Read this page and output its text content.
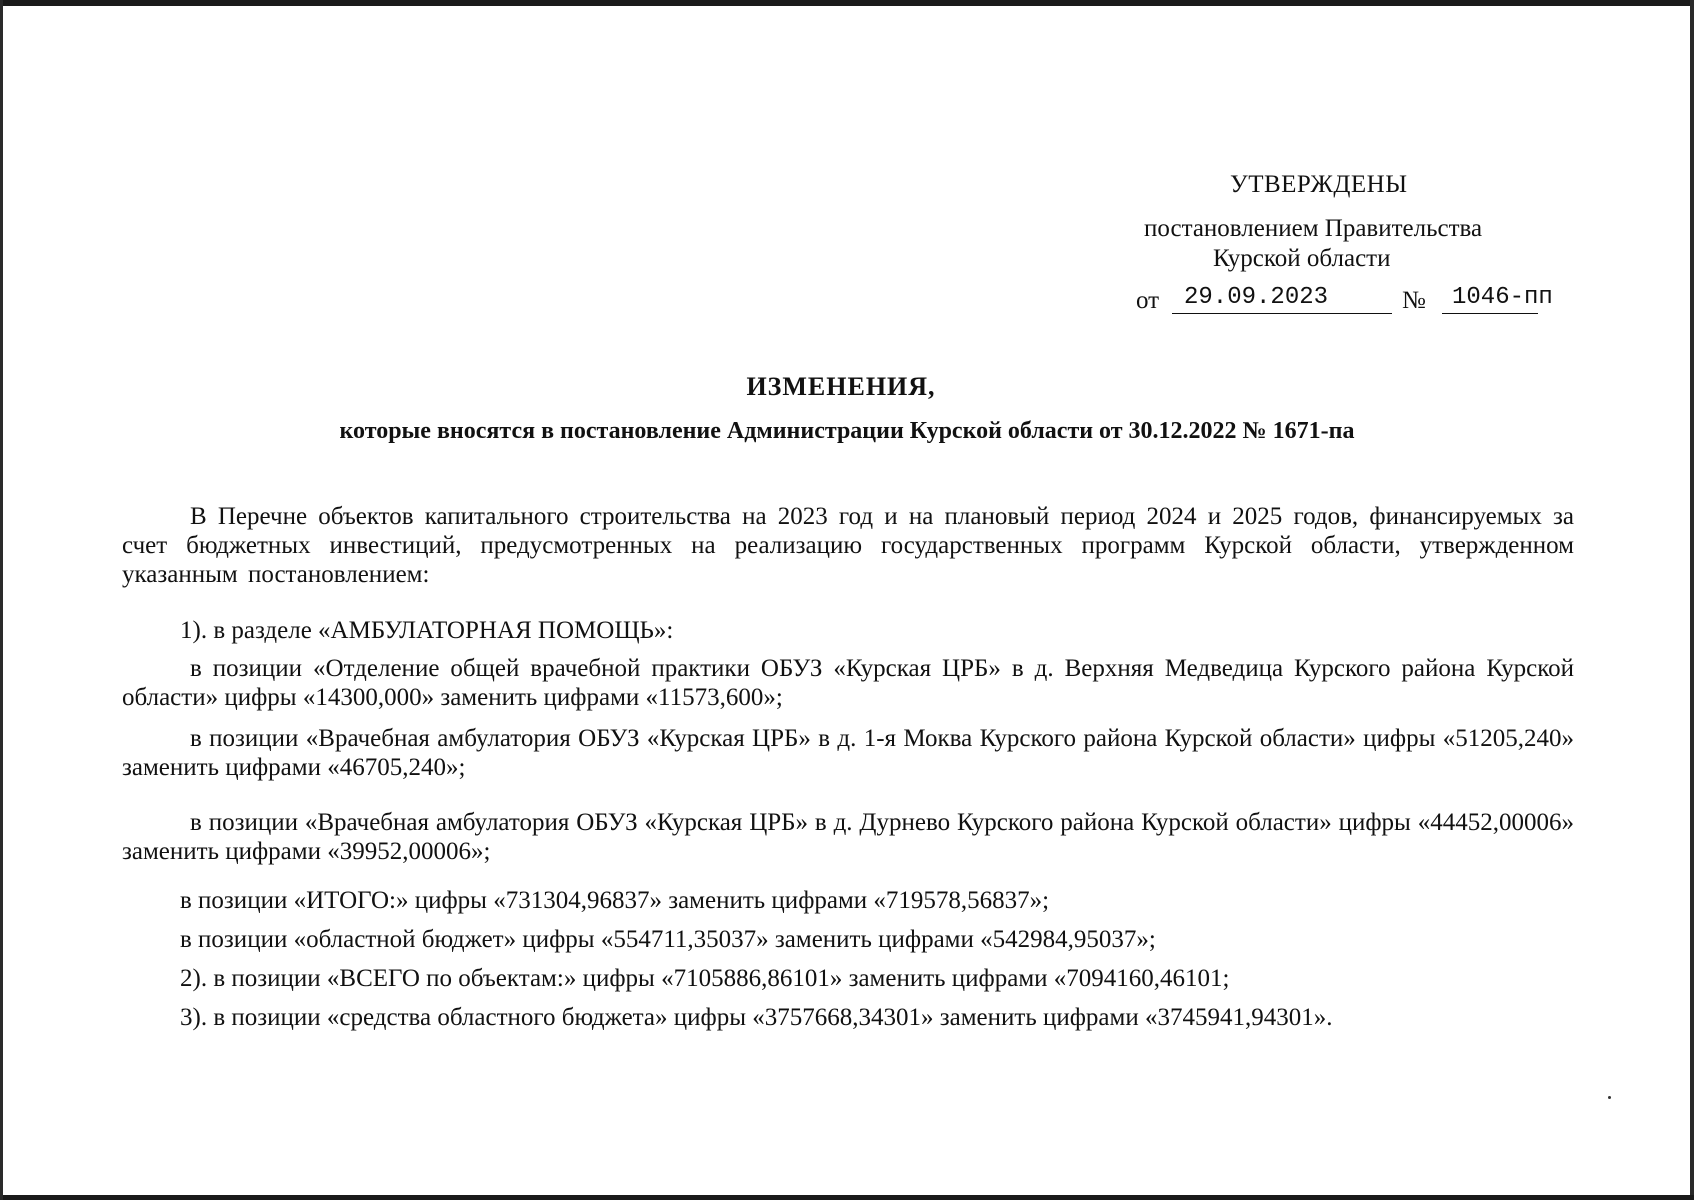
УТВЕРЖДЕНЫ
постановлением Правительства
Курской области
от	29.09.2023	№	1046-пп
ИЗМЕНЕНИЯ,
которые вносятся в постановление Администрации Курской области от 30.12.2022 № 1671-па
В Перечне объектов капитального строительства на 2023 год и на плановый период 2024 и 2025 годов, финансируемых за счет бюджетных инвестиций, предусмотренных на реализацию государственных программ Курской области, утвержденном указанным постановлением:
1). в разделе «АМБУЛАТОРНАЯ ПОМОЩЬ»:
в позиции «Отделение общей врачебной практики ОБУЗ «Курская ЦРБ» в д. Верхняя Медведица Курского района Курской области» цифры «14300,000» заменить цифрами «11573,600»;
в позиции «Врачебная амбулатория ОБУЗ «Курская ЦРБ» в д. 1-я Моква Курского района Курской области» цифры «51205,240» заменить цифрами «46705,240»;
в позиции «Врачебная амбулатория ОБУЗ «Курская ЦРБ» в д. Дурнево Курского района Курской области» цифры «44452,00006» заменить цифрами «39952,00006»;
в позиции «ИТОГО:» цифры «731304,96837» заменить цифрами «719578,56837»;
в позиции «областной бюджет» цифры «554711,35037» заменить цифрами «542984,95037»;
2). в позиции «ВСЕГО по объектам:» цифры «7105886,86101» заменить цифрами «7094160,46101;
3). в позиции «средства областного бюджета» цифры «3757668,34301» заменить цифрами «3745941,94301».
